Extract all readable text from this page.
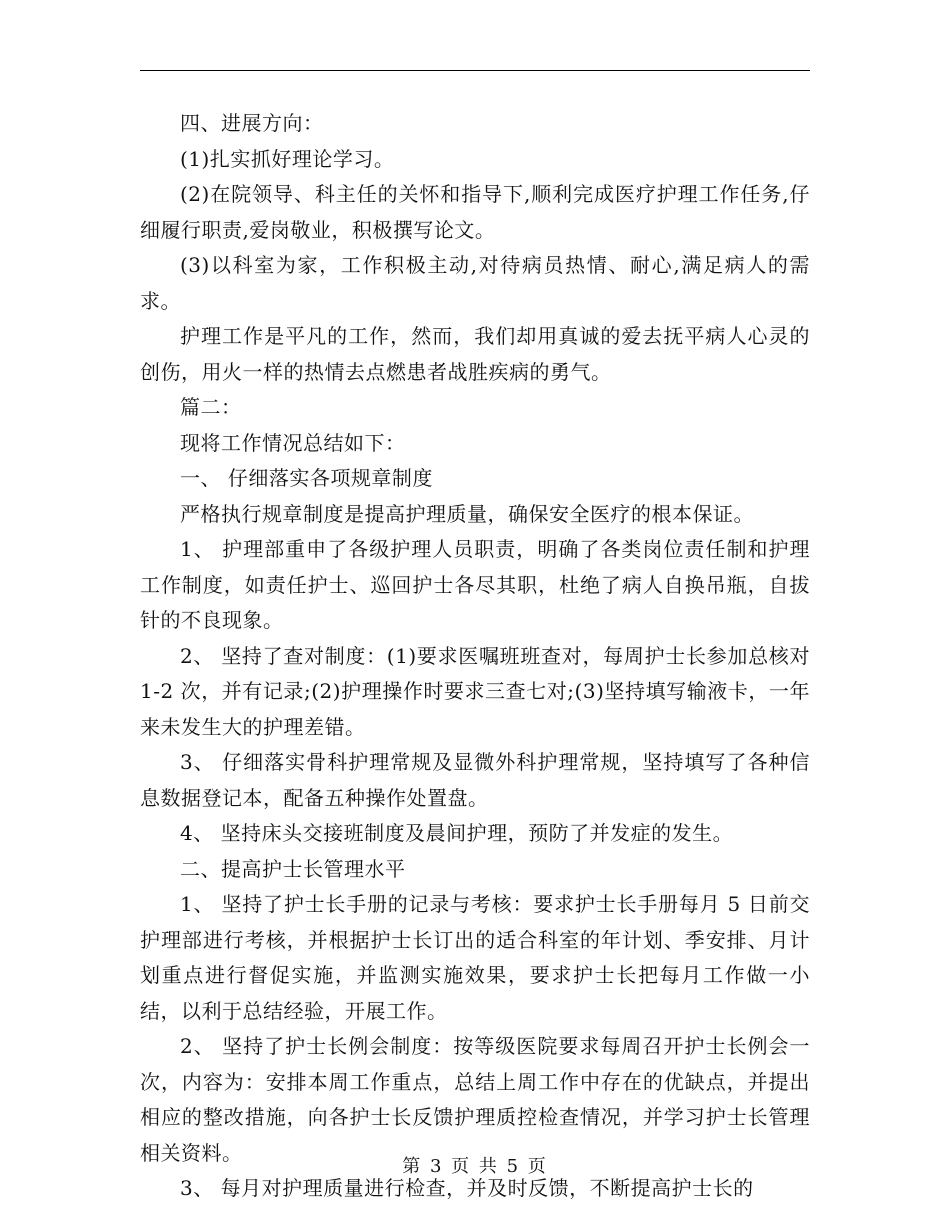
四、进展方向：

(1)扎实抓好理论学习。

(2)在院领导、科主任的关怀和指导下,顺利完成医疗护理工作任务,仔细履行职责,爱岗敬业，积极撰写论文。

(3)以科室为家，工作积极主动,对待病员热情、耐心,满足病人的需求。

护理工作是平凡的工作，然而，我们却用真诚的爱去抚平病人心灵的创伤，用火一样的热情去点燃患者战胜疾病的勇气。

篇二：

现将工作情况总结如下：

一、 仔细落实各项规章制度

严格执行规章制度是提高护理质量，确保安全医疗的根本保证。

1、 护理部重申了各级护理人员职责，明确了各类岗位责任制和护理工作制度，如责任护士、巡回护士各尽其职，杜绝了病人自换吊瓶，自拔针的不良现象。

2、 坚持了查对制度：(1)要求医嘱班班查对，每周护士长参加总核对 1-2 次，并有记录;(2)护理操作时要求三查七对;(3)坚持填写输液卡，一年来未发生大的护理差错。

3、 仔细落实骨科护理常规及显微外科护理常规，坚持填写了各种信息数据登记本，配备五种操作处置盘。

4、 坚持床头交接班制度及晨间护理，预防了并发症的发生。

二、提高护士长管理水平

1、 坚持了护士长手册的记录与考核：要求护士长手册每月 5 日前交护理部进行考核，并根据护士长订出的适合科室的年计划、季安排、月计划重点进行督促实施，并监测实施效果，要求护士长把每月工作做一小结，以利于总结经验，开展工作。

2、 坚持了护士长例会制度：按等级医院要求每周召开护士长例会一次，内容为：安排本周工作重点，总结上周工作中存在的优缺点，并提出相应的整改措施，向各护士长反馈护理质控检查情况，并学习护士长管理相关资料。

3、 每月对护理质量进行检查，并及时反馈，不断提高护士长的

第 3 页 共 5 页
